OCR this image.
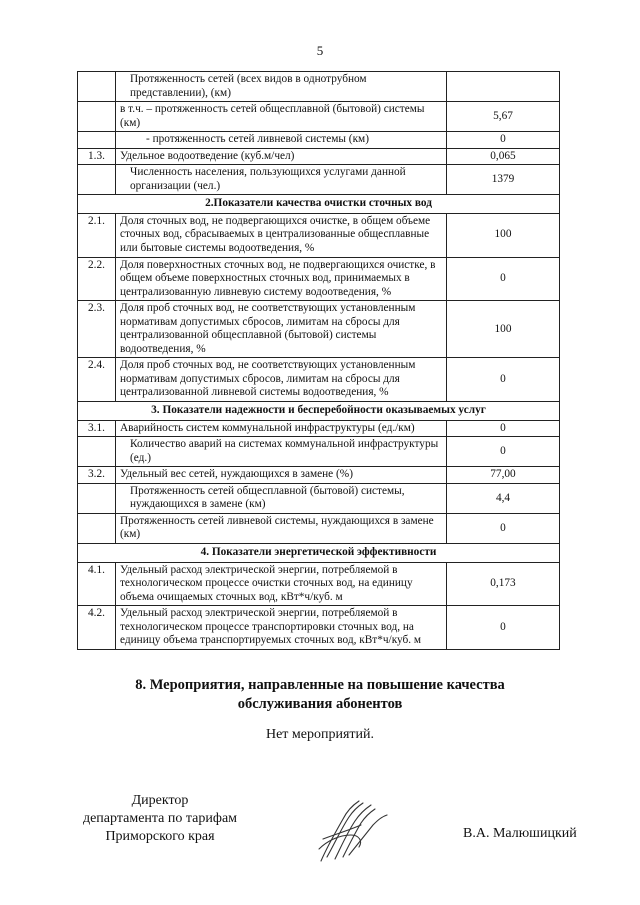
5
	Протяженность сетей (всех видов в однотрубном представлении), (км)	
	в т.ч. – протяженность сетей общесплавной (бытовой) системы (км)	5,67
	- протяженность сетей ливневой системы (км)	0
1.3.	Удельное водоотведение (куб.м/чел)	0,065
	Численность населения, пользующихся услугами данной организации (чел.)	1379
2.Показатели качества очистки сточных вод		
2.1.	Доля сточных вод, не подвергающихся очистке, в общем объеме сточных вод, сбрасываемых в централизованные общесплавные или бытовые системы водоотведения, %	100
2.2.	Доля поверхностных сточных вод, не подвергающихся очистке, в общем объеме поверхностных сточных вод, принимаемых в централизованную ливневую систему водоотведения, %	0
2.3.	Доля проб сточных вод, не соответствующих установленным нормативам допустимых сбросов, лимитам на сбросы для централизованной общесплавной (бытовой) системы водоотведения, %	100
2.4.	Доля проб сточных вод, не соответствующих установленным нормативам допустимых сбросов, лимитам на сбросы для централизованной ливневой системы водоотведения, %	0
3. Показатели надежности и бесперебойности оказываемых услуг		
3.1.	Аварийность систем коммунальной инфраструктуры (ед./км)	0
	Количество аварий на системах коммунальной инфраструктуры (ед.)	0
3.2.	Удельный вес сетей, нуждающихся в замене (%)	77,00
	Протяженность сетей общесплавной (бытовой) системы, нуждающихся в замене (км)	4,4
	Протяженность сетей ливневой системы, нуждающихся в замене (км)	0
4. Показатели энергетической эффективности		
4.1.	Удельный расход электрической энергии, потребляемой в технологическом процессе очистки сточных вод, на единицу объема очищаемых сточных вод, кВт*ч/куб. м	0,173
4.2.	Удельный расход электрической энергии, потребляемой в технологическом процессе транспортировки сточных вод, на единицу объема транспортируемых сточных вод, кВт*ч/куб. м	0
8. Мероприятия, направленные на повышение качества
обслуживания абонентов
Нет мероприятий.
Директор
департамента по тарифам
Приморского края	В.А. Малюшицкий
